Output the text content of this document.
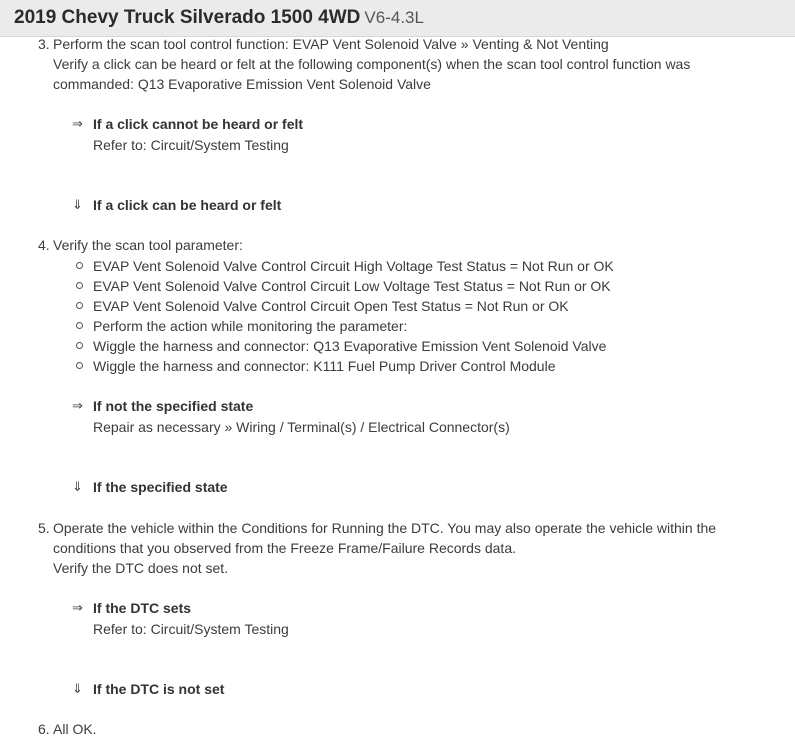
2019 Chevy Truck Silverado 1500 4WD V6-4.3L
3. Perform the scan tool control function: EVAP Vent Solenoid Valve » Venting & Not Venting
Verify a click can be heard or felt at the following component(s) when the scan tool control function was
commanded: Q13 Evaporative Emission Vent Solenoid Valve
⇒ If a click cannot be heard or felt
Refer to: Circuit/System Testing
⇓ If a click can be heard or felt
4. Verify the scan tool parameter:
EVAP Vent Solenoid Valve Control Circuit High Voltage Test Status = Not Run or OK
EVAP Vent Solenoid Valve Control Circuit Low Voltage Test Status = Not Run or OK
EVAP Vent Solenoid Valve Control Circuit Open Test Status = Not Run or OK
Perform the action while monitoring the parameter:
Wiggle the harness and connector: Q13 Evaporative Emission Vent Solenoid Valve
Wiggle the harness and connector: K111 Fuel Pump Driver Control Module
⇒ If not the specified state
Repair as necessary » Wiring / Terminal(s) / Electrical Connector(s)
⇓ If the specified state
5. Operate the vehicle within the Conditions for Running the DTC. You may also operate the vehicle within the
conditions that you observed from the Freeze Frame/Failure Records data.
Verify the DTC does not set.
⇒ If the DTC sets
Refer to: Circuit/System Testing
⇓ If the DTC is not set
6. All OK.
